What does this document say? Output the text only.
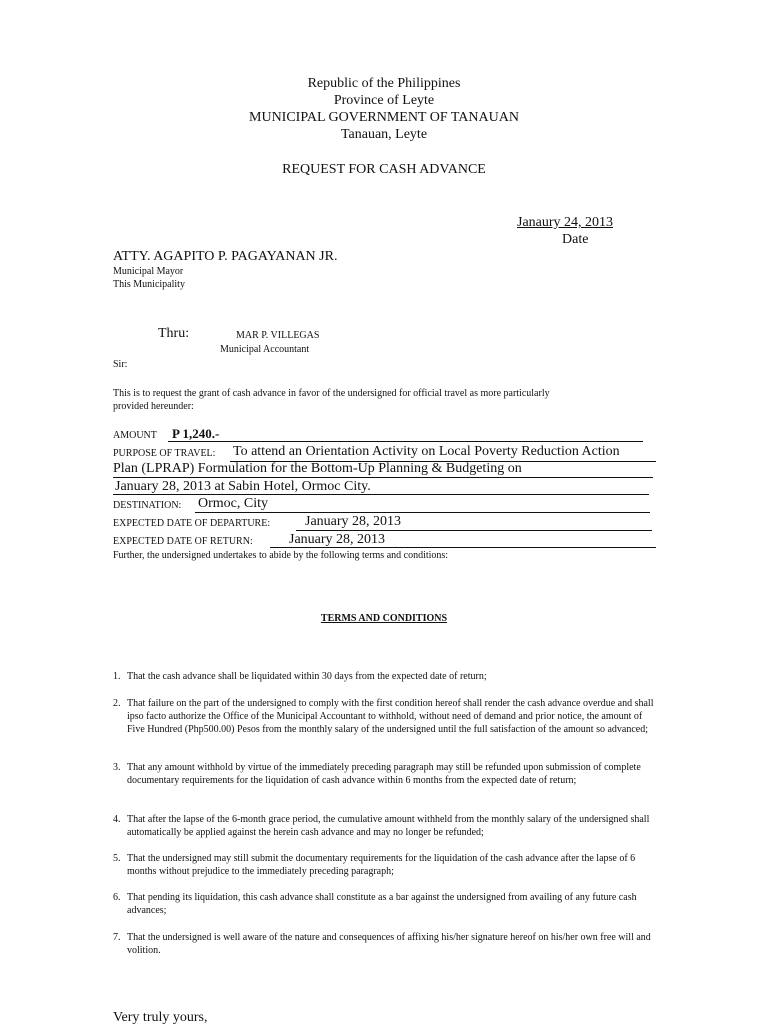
Republic of the Philippines
Province of Leyte
MUNICIPAL GOVERNMENT OF TANAUAN
Tanauan, Leyte
REQUEST FOR CASH ADVANCE
Janaury 24, 2013
Date
ATTY. AGAPITO P. PAGAYANAN JR.
Municipal Mayor
This Municipality
Thru:	MAR P. VILLEGAS
Municipal Accountant
Sir:
This is to request the grant of cash advance in favor of the undersigned for official travel as more particularly
provided hereunder:
AMOUNT P 1,240.-
PURPOSE OF TRAVEL: To attend an Orientation Activity on Local Poverty Reduction Action
Plan (LPRAP) Formulation for the Bottom-Up Planning & Budgeting on
January 28, 2013 at Sabin Hotel, Ormoc City.
DESTINATION: Ormoc, City
EXPECTED DATE OF DEPARTURE: January 28, 2013
EXPECTED DATE OF RETURN:	January 28, 2013
Further, the undersigned undertakes to abide by the following terms and conditions:
TERMS AND CONDITIONS
1. That the cash advance shall be liquidated within 30 days from the expected date of return;
2. That failure on the part of the undersigned to comply with the first condition hereof shall render the cash advance overdue and shall ipso facto authorize the Office of the Municipal Accountant to withhold, without need of demand and prior notice, the amount of Five Hundred (Php500.00) Pesos from the monthly salary of the undersigned until the full satisfaction of the amount so advanced;
3. That any amount withhold by virtue of the immediately preceding paragraph may still be refunded upon submission of complete documentary requirements for the liquidation of cash advance within 6 months from the expected date of return;
4. That after the lapse of the 6-month grace period, the cumulative amount withheld from the monthly salary of the undersigned shall automatically be applied against the herein cash advance and may no longer be refunded;
5. That the undersigned may still submit the documentary requirements for the liquidation of the cash advance after the lapse of 6 months without prejudice to the immediately preceding paragraph;
6. That pending its liquidation, this cash advance shall constitute as a bar against the undersigned from availing of any future cash advances;
7. That the undersigned is well aware of the nature and consequences of affixing his/her signature hereof on his/her own free will and volition.
Very truly yours,
